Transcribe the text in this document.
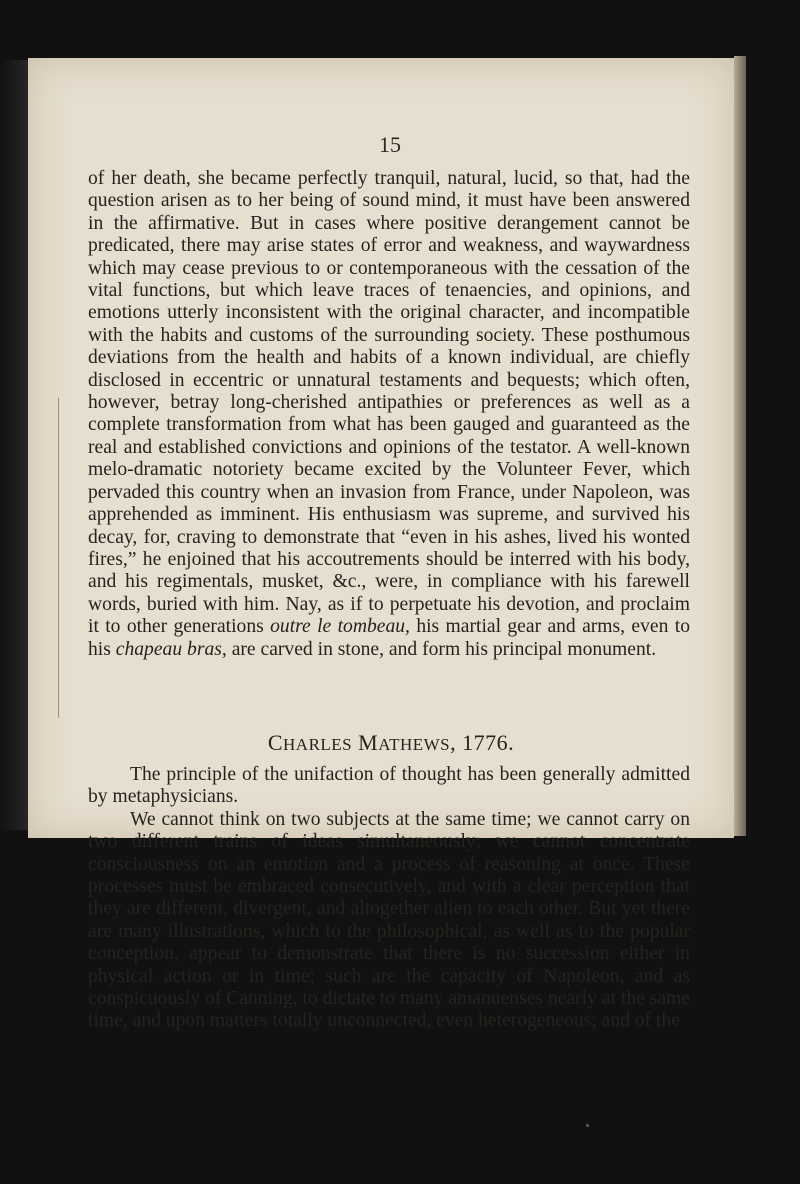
15

of her death, she became perfectly tranquil, natural, lucid, so that, had the question arisen as to her being of sound mind, it must have been answered in the affirmative. But in cases where positive derangement cannot be predicated, there may arise states of error and weakness, and waywardness which may cease previous to or contemporaneous with the cessation of the vital functions, but which leave traces of tenaencies, and opinions, and emotions utterly inconsistent with the original character, and incompatible with the habits and customs of the surrounding society. These posthumous deviations from the health and habits of a known individual, are chiefly disclosed in eccentric or unnatural testaments and bequests; which often, however, betray long-cherished antipathies or preferences as well as a complete transformation from what has been gauged and guaranteed as the real and established convictions and opinions of the testator. A well-known melo-dramatic notoriety became excited by the Volunteer Fever, which pervaded this country when an invasion from France, under Napoleon, was apprehended as imminent. His enthusiasm was supreme, and survived his decay, for, craving to demonstrate that “even in his ashes, lived his wonted fires,” he enjoined that his accoutrements should be interred with his body, and his regimentals, musket, &c., were, in compliance with his farewell words, buried with him. Nay, as if to perpetuate his devotion, and proclaim it to other generations outre le tombeau, his martial gear and arms, even to his chapeau bras, are carved in stone, and form his principal monument.

CHARLES MATHEWS, 1776.

The principle of the unifaction of thought has been generally admitted by metaphysicians.

We cannot think on two subjects at the same time; we cannot carry on two different trains of ideas simultaneously; we cannot concentrate consciousness on an emotion and a process of reasoning at once. These processes must be embraced consecutively, and with a clear perception that they are different, divergent, and altogether alien to each other. But yet there are many illustrations, which to the philosophical, as well as to the popular conception, appear to demonstrate that there is no succession either in physical action or in time; such are the capacity of Napoleon, and as conspicuously of Canning, to dictate to many amanuenses nearly at the same time, and upon matters totally unconnected, even heterogeneous; and of the
